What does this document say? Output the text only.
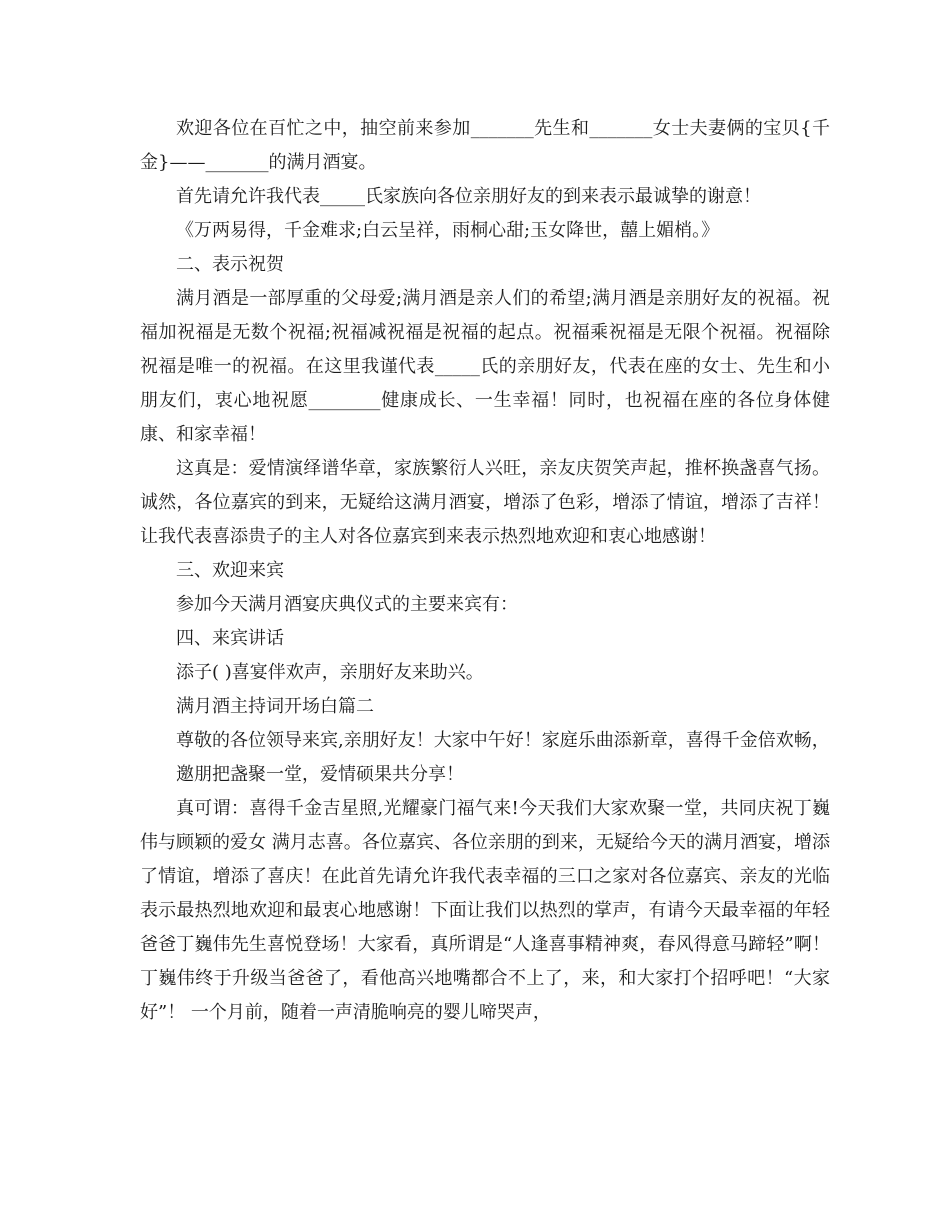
欢迎各位在百忙之中，抽空前来参加_______先生和_______女士夫妻俩的宝贝{千金}——_______的满月酒宴。

首先请允许我代表_____氏家族向各位亲朋好友的到来表示最诚挚的谢意！

《万两易得，千金难求;白云呈祥，雨桐心甜;玉女降世，囍上媚梢。》

二、表示祝贺

满月酒是一部厚重的父母爱;满月酒是亲人们的希望;满月酒是亲朋好友的祝福。祝福加祝福是无数个祝福;祝福减祝福是祝福的起点。祝福乘祝福是无限个祝福。祝福除祝福是唯一的祝福。在这里我谨代表_____氏的亲朋好友，代表在座的女士、先生和小朋友们，衷心地祝愿________健康成长、一生幸福！同时，也祝福在座的各位身体健康、和家幸福！

这真是：爱情演绎谱华章，家族繁衍人兴旺，亲友庆贺笑声起，推杯换盏喜气扬。诚然，各位嘉宾的到来，无疑给这满月酒宴，增添了色彩，增添了情谊，增添了吉祥！让我代表喜添贵子的主人对各位嘉宾到来表示热烈地欢迎和衷心地感谢！

三、欢迎来宾

参加今天满月酒宴庆典仪式的主要来宾有：

四、来宾讲话

添子( )喜宴伴欢声，亲朋好友来助兴。

满月酒主持词开场白篇二

尊敬的各位领导来宾,亲朋好友！大家中午好！家庭乐曲添新章，喜得千金倍欢畅，

邀朋把盏聚一堂，爱情硕果共分享！

真可谓：喜得千金吉星照,光耀豪门福气来!今天我们大家欢聚一堂，共同庆祝丁巍伟与顾颖的爱女 满月志喜。各位嘉宾、各位亲朋的到来，无疑给今天的满月酒宴，增添了情谊，增添了喜庆！在此首先请允许我代表幸福的三口之家对各位嘉宾、亲友的光临表示最热烈地欢迎和最衷心地感谢！下面让我们以热烈的掌声，有请今天最幸福的年轻爸爸丁巍伟先生喜悦登场！大家看，真所谓是“人逢喜事精神爽，春风得意马蹄轻”啊！丁巍伟终于升级当爸爸了，看他高兴地嘴都合不上了，来，和大家打个招呼吧！“大家好”！ 一个月前，随着一声清脆响亮的婴儿啼哭声，
